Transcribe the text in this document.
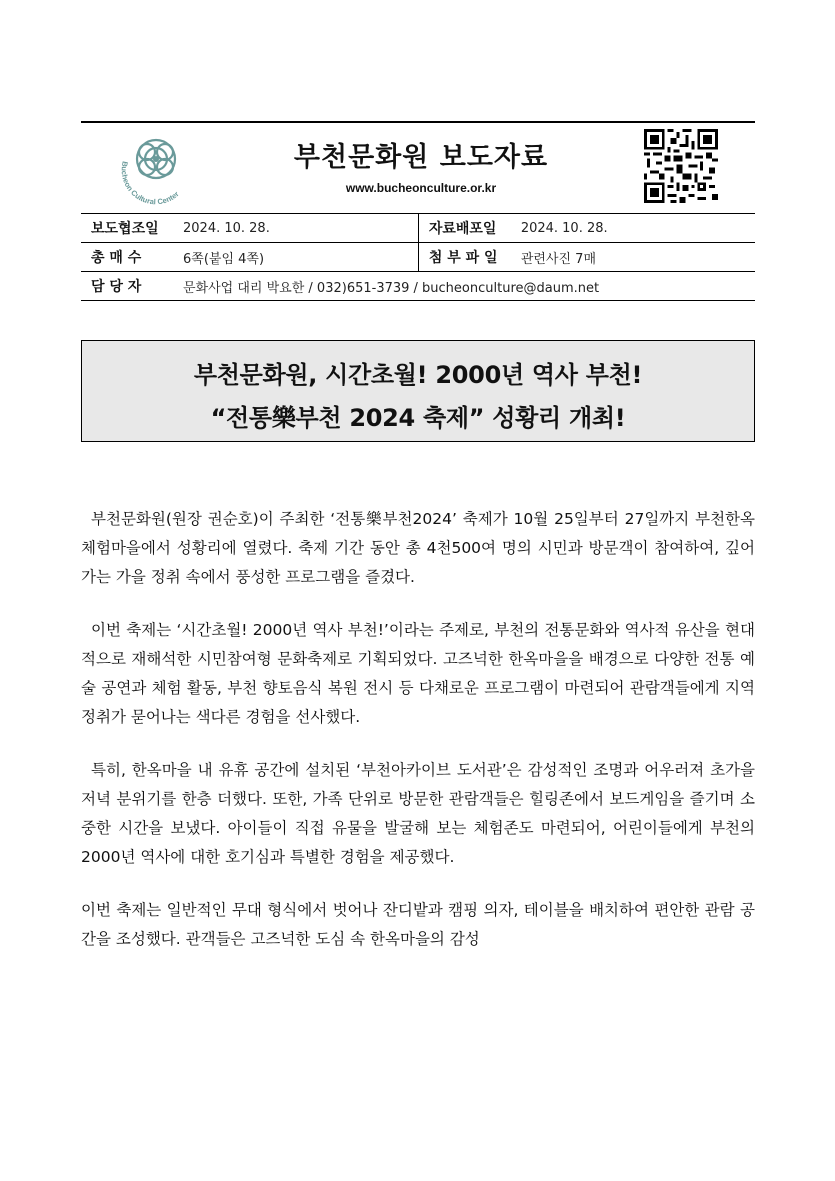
Bucheon Cultural Center
부천문화원 보도자료
www.bucheonculture.or.kr
보도협조일	2024. 10. 28.	자료배포일	2024. 10. 28.
총 매 수	6쪽(붙임 4쪽)	첨 부 파 일	관련사진 7매
담 당 자	문화사업 대리 박요한 / 032)651-3739 / bucheonculture@daum.net		
부천문화원, 시간초월! 2000년 역사 부천!
“전통樂부천 2024 축제” 성황리 개최!

부천문화원(원장 권순호)이 주최한 ‘전통樂부천2024’ 축제가 10월 25일부터 27일까지 부천한옥체험마을에서 성황리에 열렸다. 축제 기간 동안 총 4천500여 명의 시민과 방문객이 참여하여, 깊어가는 가을 정취 속에서 풍성한 프로그램을 즐겼다.

이번 축제는 ‘시간초월! 2000년 역사 부천!’이라는 주제로, 부천의 전통문화와 역사적 유산을 현대적으로 재해석한 시민참여형 문화축제로 기획되었다. 고즈넉한 한옥마을을 배경으로 다양한 전통 예술 공연과 체험 활동, 부천 향토음식 복원 전시 등 다채로운 프로그램이 마련되어 관람객들에게 지역 정취가 묻어나는 색다른 경험을 선사했다.

특히, 한옥마을 내 유휴 공간에 설치된 ‘부천아카이브 도서관’은 감성적인 조명과 어우러져 초가을 저녁 분위기를 한층 더했다. 또한, 가족 단위로 방문한 관람객들은 힐링존에서 보드게임을 즐기며 소중한 시간을 보냈다. 아이들이 직접 유물을 발굴해 보는 체험존도 마련되어, 어린이들에게 부천의 2000년 역사에 대한 호기심과 특별한 경험을 제공했다.

이번 축제는 일반적인 무대 형식에서 벗어나 잔디밭과 캠핑 의자, 테이블을 배치하여 편안한 관람 공간을 조성했다. 관객들은 고즈넉한 도심 속 한옥마을의 감성
